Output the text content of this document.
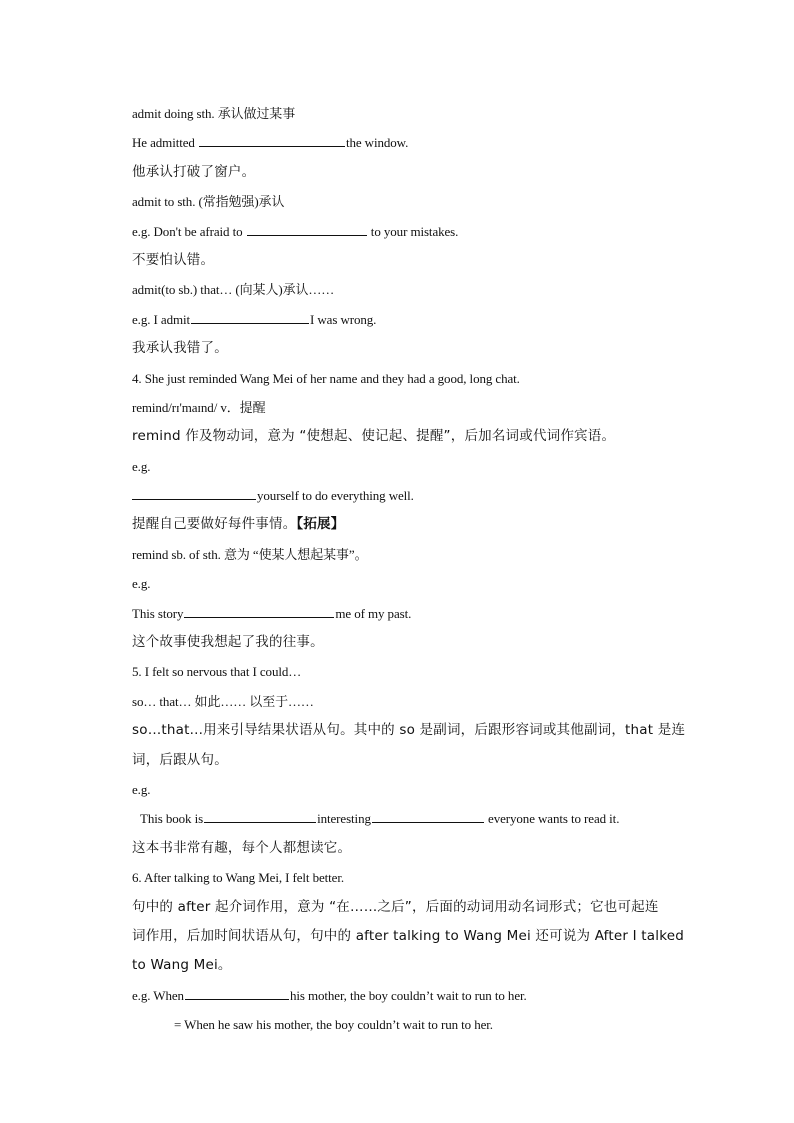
admit doing sth. 承认做过某事
He admitted	the window.
他承认打破了窗户。
admit to sth. (常指勉强)承认
e.g. Don't be afraid to	to your mistakes.
不要怕认错。
admit(to sb.) that… (向某人)承认……
e.g. I admit	I was wrong.
我承认我错了。
4. She just reminded Wang Mei of her name and they had a good, long chat.
remind/rɪ'maɪnd/ v．提醒
remind 作及物动词，意为 “使想起、使记起、提醒”，后加名词或代词作宾语。
e.g.
yourself to do everything well.
提醒自己要做好每件事情。【拓展】
remind sb. of sth. 意为 “使某人想起某事”。
e.g.
This story	me of my past.
这个故事使我想起了我的往事。
5. I felt so nervous that I could…
so… that… 如此…… 以至于……
so…that...用来引导结果状语从句。其中的 so 是副词，后跟形容词或其他副词，that 是连
词，后跟从句。
e.g.
This book is	interesting	everyone wants to read it.
这本书非常有趣，每个人都想读它。
6. After talking to Wang Mei, I felt better.
句中的 after 起介词作用，意为 “在……之后”，后面的动词用动名词形式；它也可起连
词作用，后加时间状语从句，句中的 after talking to Wang Mei 还可说为 After I talked
to Wang Mei。
e.g. When	his mother, the boy couldn’t wait to run to her.
= When he saw his mother, the boy couldn’t wait to run to her.
